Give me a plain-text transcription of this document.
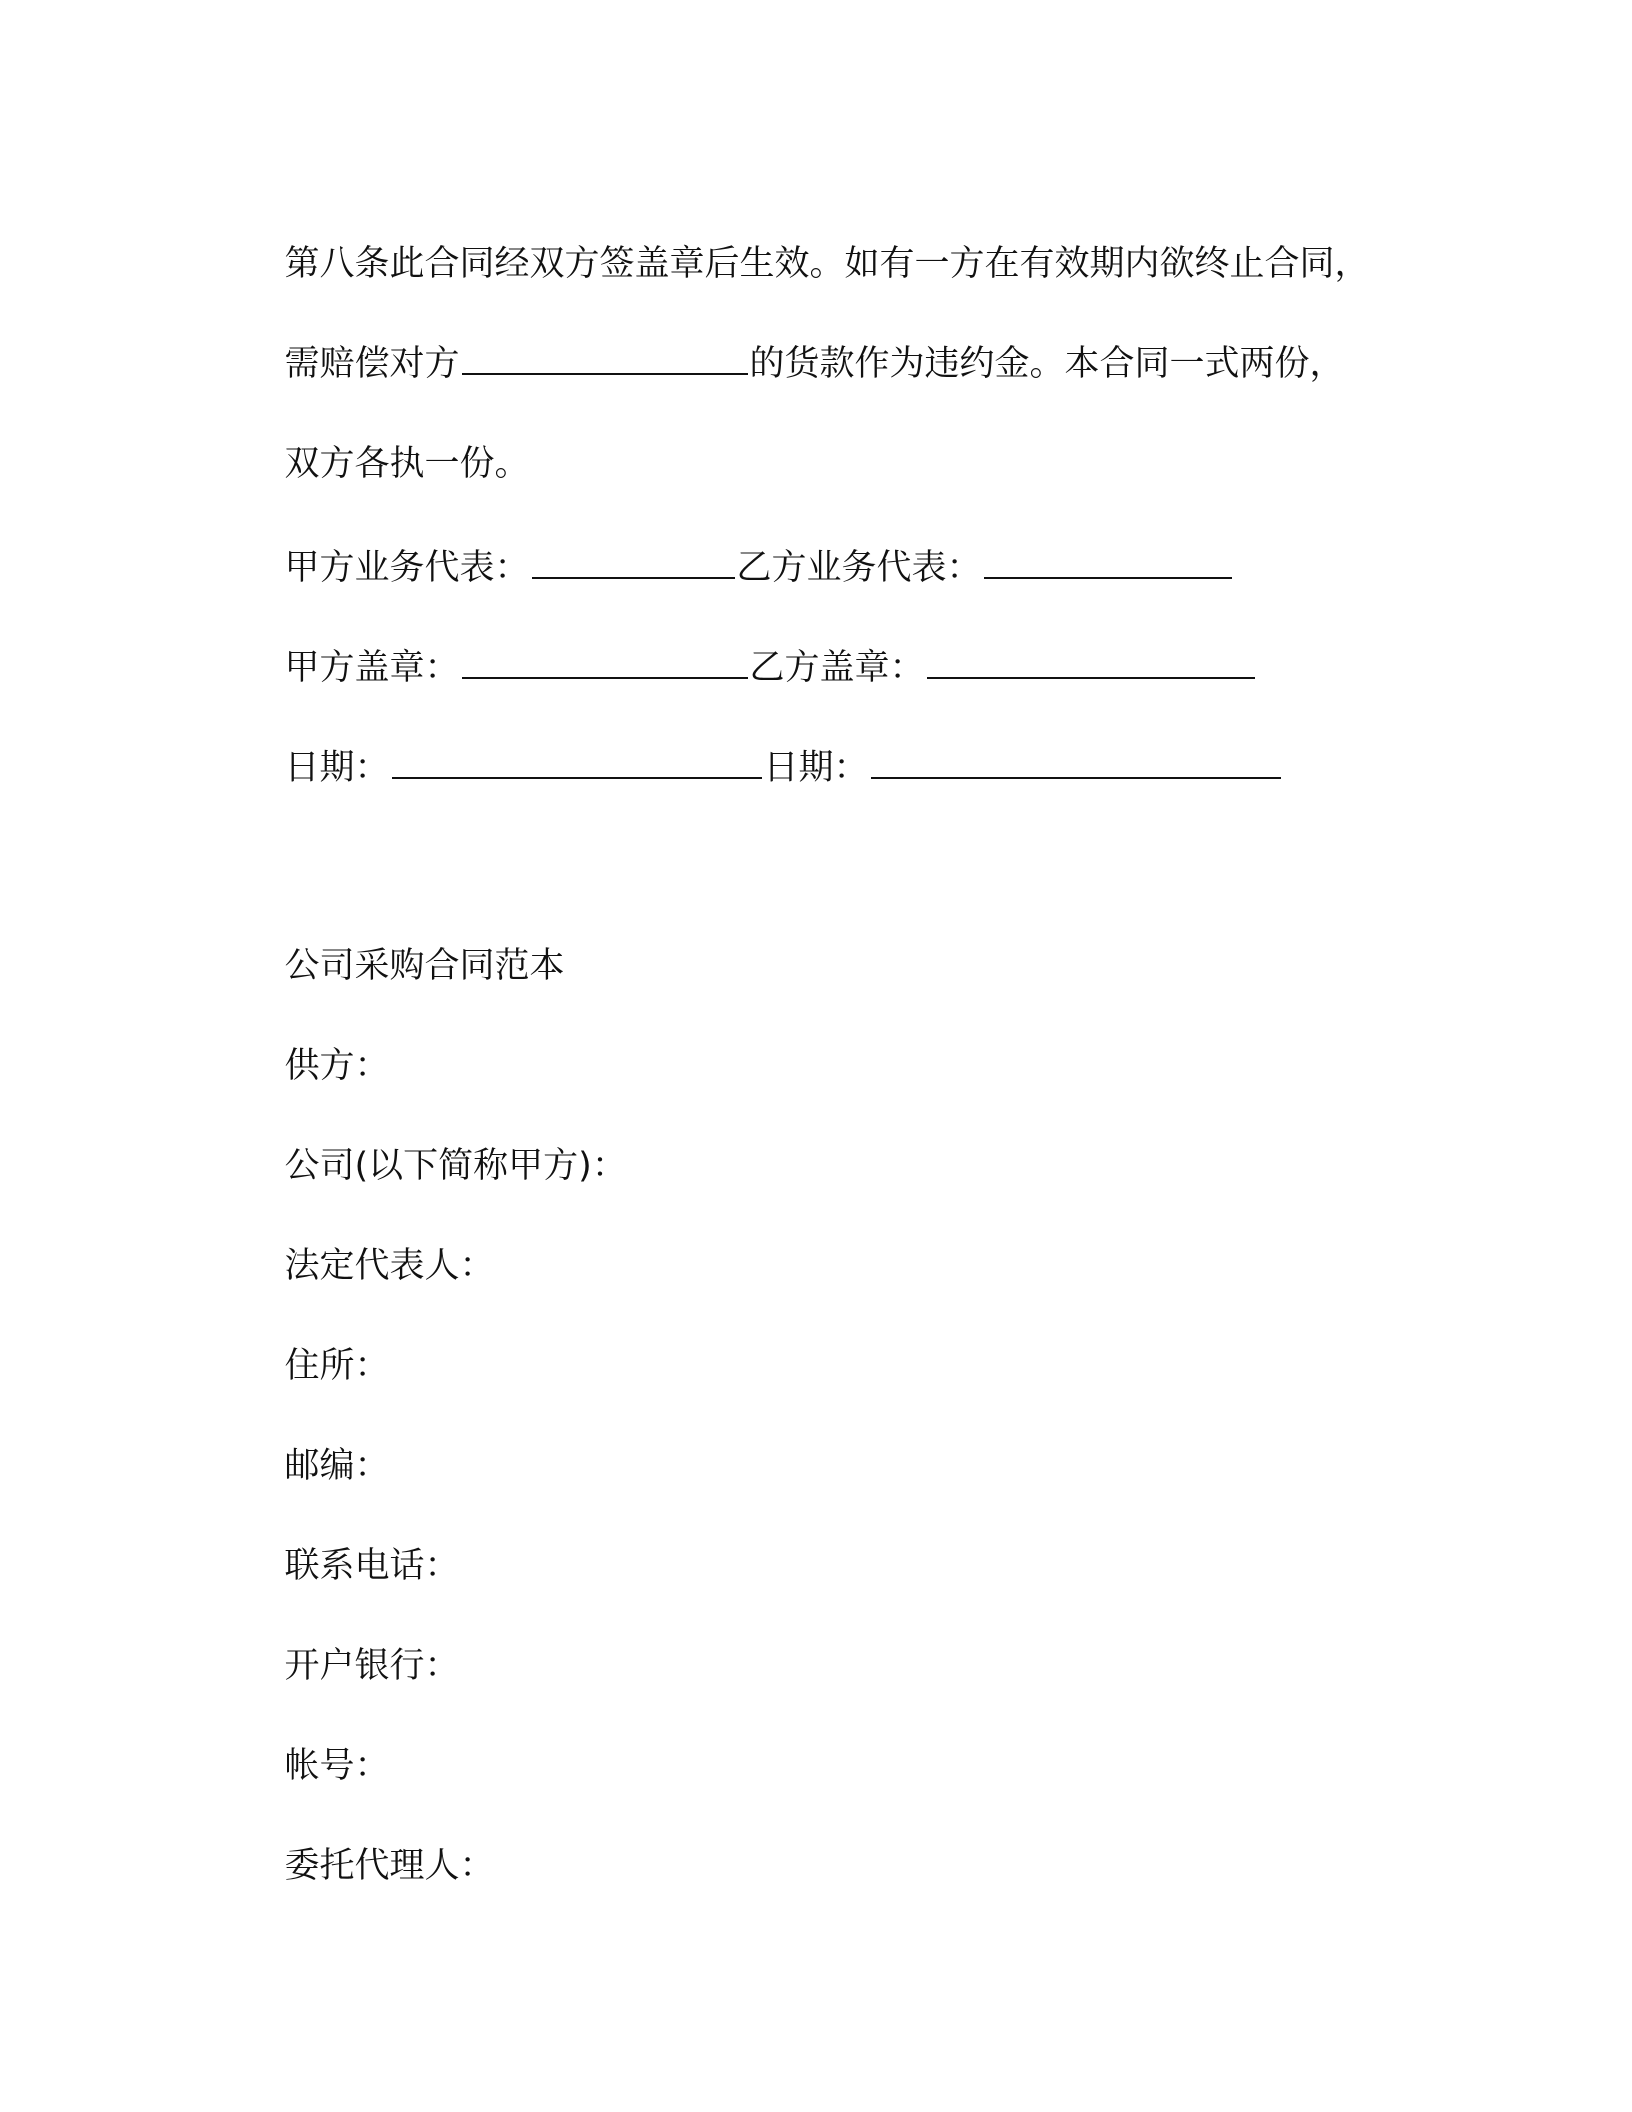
第八条此合同经双方签盖章后生效。如有一方在有效期内欲终止合同，

需赔偿对方	的货款作为违约金。本合同一式两份，

双方各执一份。

甲方业务代表：	乙方业务代表：

甲方盖章：	乙方盖章：

日期：	日期：

公司采购合同范本

供方：

公司(以下简称甲方)：

法定代表人：

住所：

邮编：

联系电话：

开户银行：

帐号：

委托代理人：
